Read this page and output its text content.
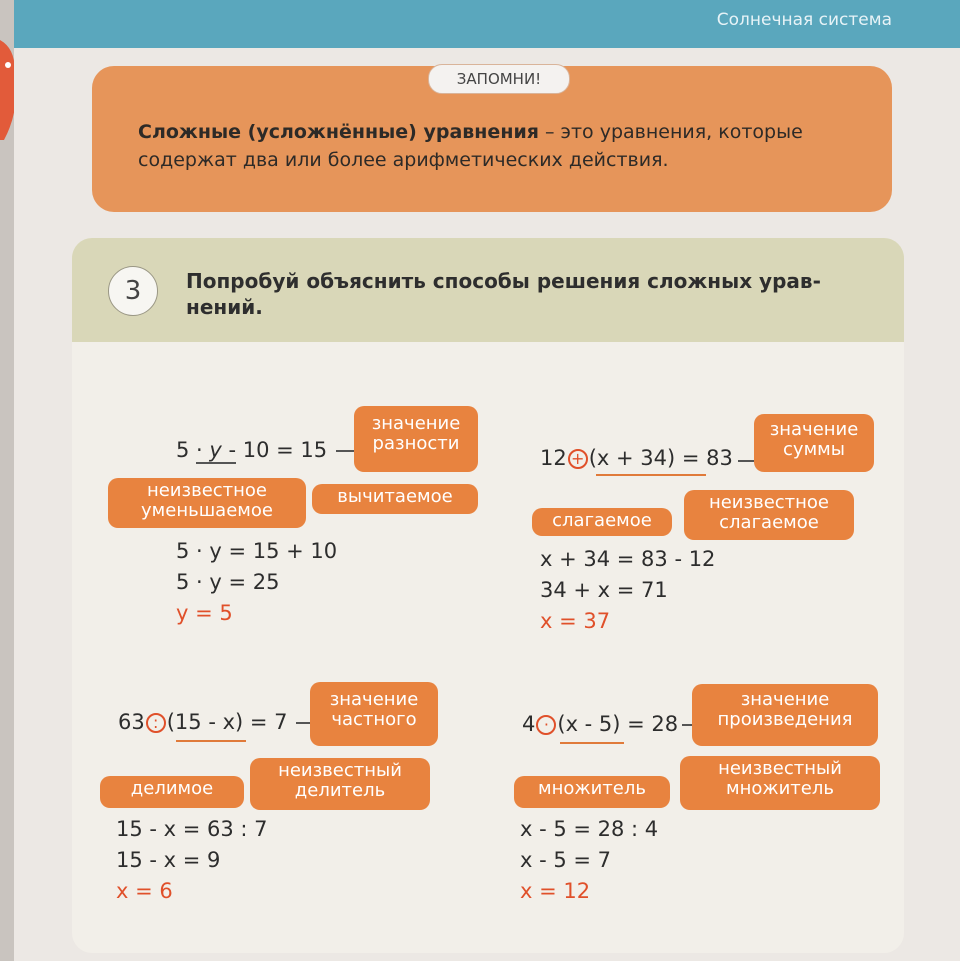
Солнечная система
ЗАПОМНИ!
Сложные (усложнённые) уравнения – это уравнения, которые содержат два или более арифметических действия.
3	Попробуй объяснить способы решения сложных урав-нений.
5 · y - 10 = 15
значение разности
неизвестное уменьшаемое
вычитаемое
5 · y = 15 + 10
5 · y = 25
y = 5
12 + (x + 34) = 83
значение суммы
неизвестное слагаемое
слагаемое
x + 34 = 83 - 12
34 + x = 71
x = 37
63 : (15 - x) = 7
значение частного
неизвестный делитель
делимое
15 - x = 63 : 7
15 - x = 9
x = 6
4 · (x - 5) = 28
значение произведения
неизвестный множитель
множитель
x - 5 = 28 : 4
x - 5 = 7
x = 12
